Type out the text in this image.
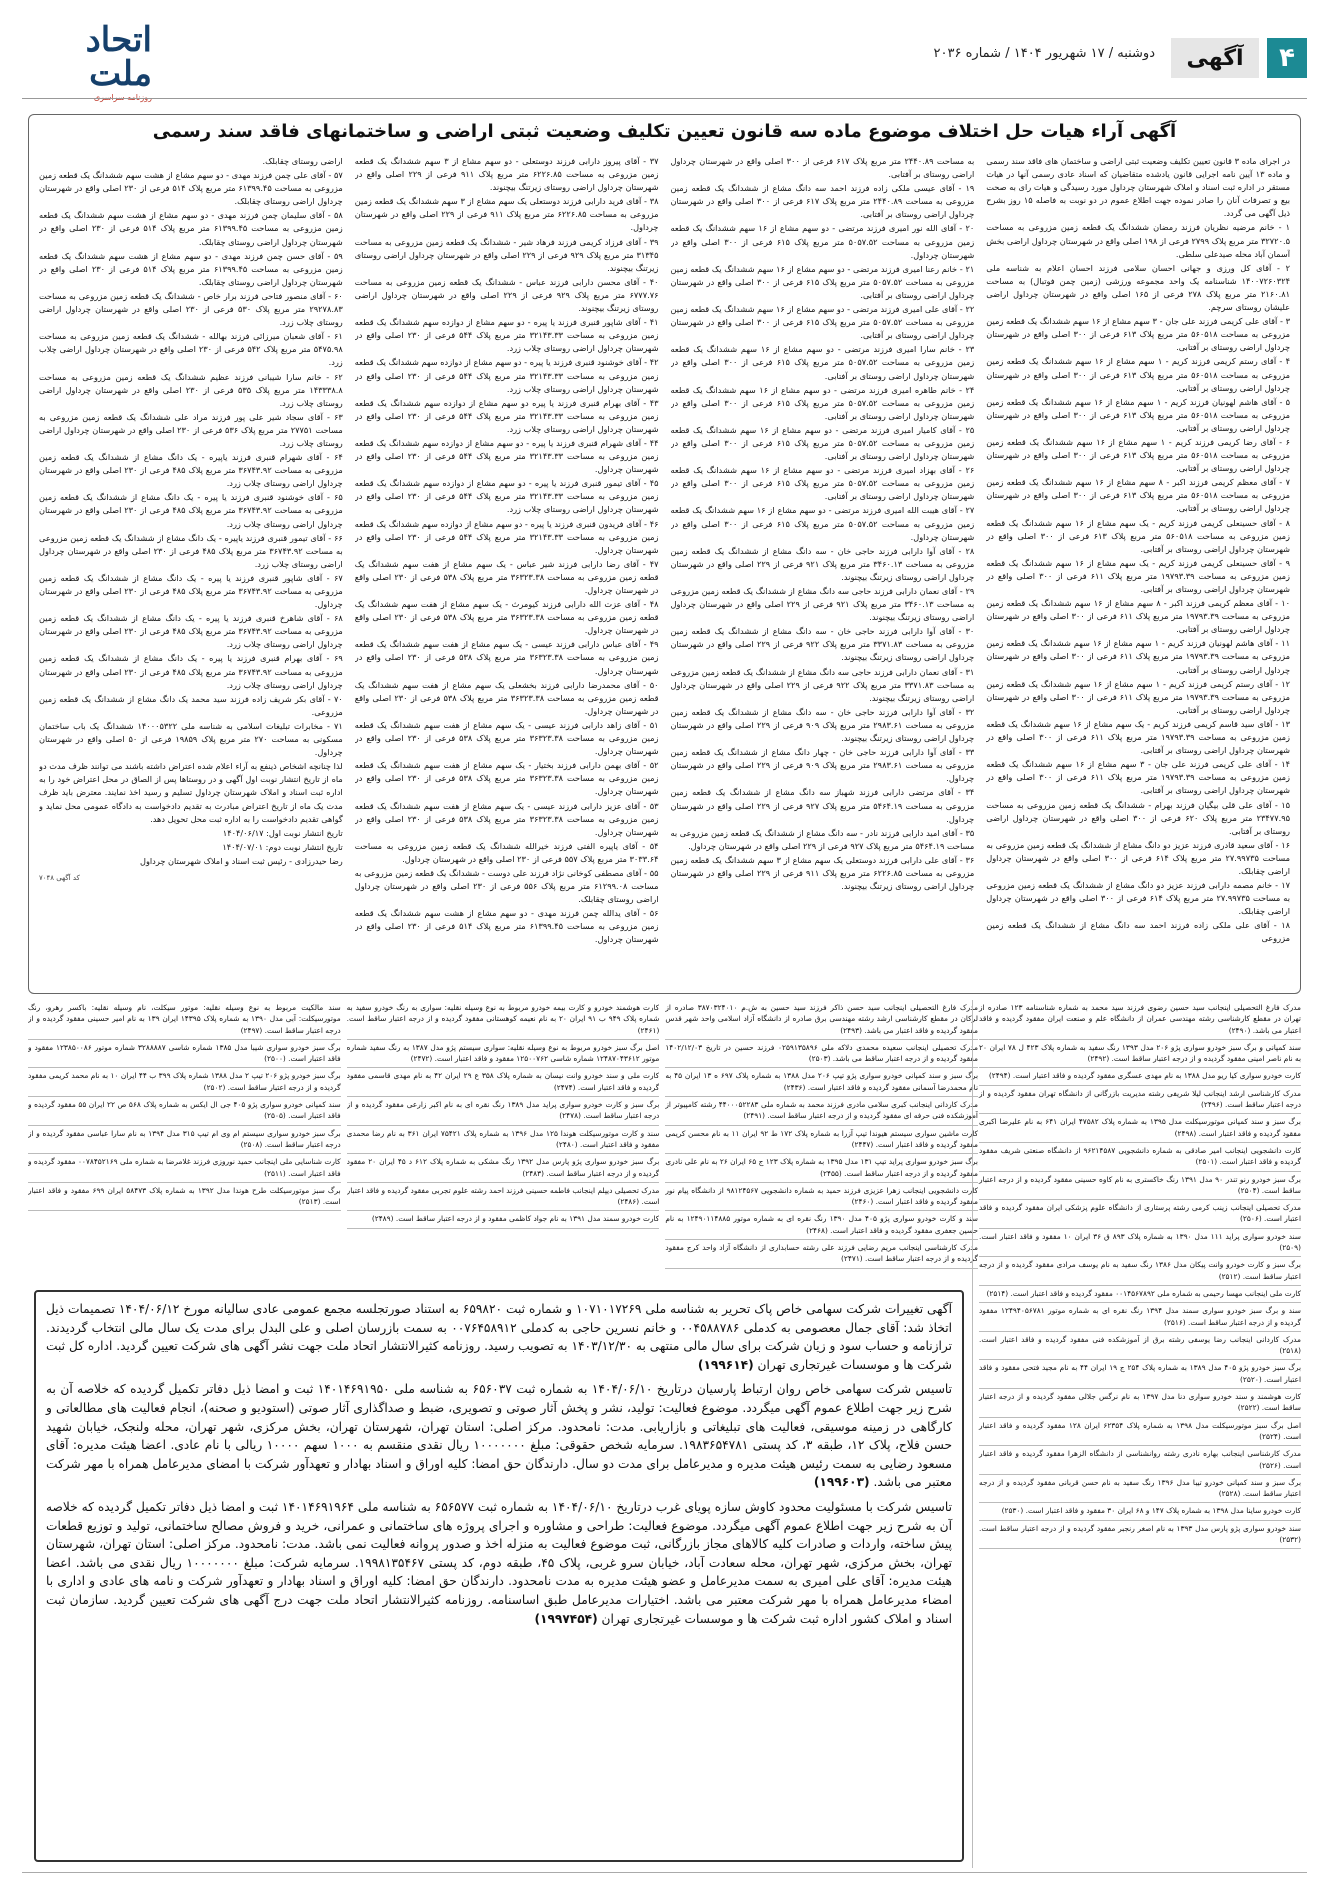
۴
آگهی
دوشنبه / ۱۷ شهریور ۱۴۰۴ / شماره ۲۰۳۶
اتحاد ملت
روزنامه سراسری
آگهی آراء هیات حل اختلاف موضوع ماده سه قانون تعیین تکلیف وضعیت ثبتی اراضی و ساختمانهای فاقد سند رسمی

در اجرای ماده ۳ قانون تعیین تکلیف وضعیت ثبتی اراضی و ساختمان های فاقد سند رسمی و ماده ۱۳ آیین نامه اجرایی قانون یادشده متقاضیان که اسناد عادی رسمی آنها در هیات مستقر در اداره ثبت اسناد و املاک شهرستان چرداول مورد رسیدگی و هیات رای به صحت بیع و تصرفات آنان را صادر نموده جهت اطلاع عموم در دو نوبت به فاصله ۱۵ روز بشرح ذیل آگهی می گردد.

۱ - خانم مرضیه نظریان فرزند رمضان ششدانگ یک قطعه زمین مزروعی به مساحت ۳۲۷۲۰.۵ متر مربع پلاک ۲۷۹۹ فرعی از ۱۹۸ اصلی واقع در شهرستان چرداول اراضی بخش آسمان آباد محله صیدعلی سلطی.

۲ - آقای کل ورزی و جهانی احسان سلامی فرزند احسان اعلام به شناسه ملی ۱۴۰۰۷۲۶۰۳۲۴ شناسنامه یک واحد مجموعه ورزشی (زمین چمن فوتبال) به مساحت ۲۱۶۰.۸۱ متر مربع پلاک ۲۷۸ فرعی از ۱۶۵ اصلی واقع در شهرستان چرداول اراضی علیشان روستای سرچم.

۳ - آقای علی کریمی فرزند علی جان - ۳ سهم مشاع از ۱۶ سهم ششدانگ یک قطعه زمین مزروعی به مساحت ۵۶۰۵۱۸ متر مربع پلاک ۶۱۳ فرعی از ۳۰۰ اصلی واقع در شهرستان چرداول اراضی روستای بر آفتابی.

۴ - آقای رستم کریمی فرزند کریم - ۱ سهم مشاع از ۱۶ سهم ششدانگ یک قطعه زمین مزروعی به مساحت ۵۶۰۵۱۸ متر مربع پلاک ۶۱۳ فرعی از ۳۰۰ اصلی واقع در شهرستان چرداول اراضی روستای بر آفتابی.

۵ - آقای هاشم لهونیان فرزند کریم - ۱ سهم مشاع از ۱۶ سهم ششدانگ یک قطعه زمین مزروعی به مساحت ۵۶۰۵۱۸ متر مربع پلاک ۶۱۳ فرعی از ۳۰۰ اصلی واقع در شهرستان چرداول اراضی روستای بر آفتابی.

۶ - آقای رضا کریمی فرزند کریم - ۱ سهم مشاع از ۱۶ سهم ششدانگ یک قطعه زمین مزروعی به مساحت ۵۶۰۵۱۸ متر مربع پلاک ۶۱۳ فرعی از ۳۰۰ اصلی واقع در شهرستان چرداول اراضی روستای بر آفتابی.

۷ - آقای معظم کریمی فرزند اکبر - ۸ سهم مشاع از ۱۶ سهم ششدانگ یک قطعه زمین مزروعی به مساحت ۵۶۰۵۱۸ متر مربع پلاک ۶۱۳ فرعی از ۳۰۰ اصلی واقع در شهرستان چرداول اراضی روستای بر آفتابی.

۸ - آقای حسینعلی کریمی فرزند کریم - یک سهم مشاع از ۱۶ سهم ششدانگ یک قطعه زمین مزروعی به مساحت ۵۶۰۵۱۸ متر مربع پلاک ۶۱۳ فرعی از ۳۰۰ اصلی واقع در شهرستان چرداول اراضی روستای بر آفتابی.

۹ - آقای حسینعلی کریمی فرزند کریم - یک سهم مشاع از ۱۶ سهم ششدانگ یک قطعه زمین مزروعی به مساحت ۱۹۷۹۳.۳۹ متر مربع پلاک ۶۱۱ فرعی از ۳۰۰ اصلی واقع در شهرستان چرداول اراضی روستای بر آفتابی.

۱۰ - آقای معظم کریمی فرزند اکبر - ۸ سهم مشاع از ۱۶ سهم ششدانگ یک قطعه زمین مزروعی به مساحت ۱۹۷۹۳.۳۹ متر مربع پلاک ۶۱۱ فرعی از ۳۰۰ اصلی واقع در شهرستان چرداول اراضی روستای بر آفتابی.

۱۱ - آقای هاشم لهونیان فرزند کریم - ۱ سهم مشاع از ۱۶ سهم ششدانگ یک قطعه زمین مزروعی به مساحت ۱۹۷۹۳.۳۹ متر مربع پلاک ۶۱۱ فرعی از ۳۰۰ اصلی واقع در شهرستان چرداول اراضی روستای بر آفتابی.

۱۲ - آقای رستم کریمی فرزند کریم - ۱ سهم مشاع از ۱۶ سهم ششدانگ یک قطعه زمین مزروعی به مساحت ۱۹۷۹۳.۳۹ متر مربع پلاک ۶۱۱ فرعی از ۳۰۰ اصلی واقع در شهرستان چرداول اراضی روستای بر آفتابی.

۱۳ - آقای سید قاسم کریمی فرزند کریم - یک سهم مشاع از ۱۶ سهم ششدانگ یک قطعه زمین مزروعی به مساحت ۱۹۷۹۳.۳۹ متر مربع پلاک ۶۱۱ فرعی از ۳۰۰ اصلی واقع در شهرستان چرداول اراضی روستای بر آفتابی.

۱۴ - آقای علی کریمی فرزند علی جان - ۳ سهم مشاع از ۱۶ سهم ششدانگ یک قطعه زمین مزروعی به مساحت ۱۹۷۹۳.۳۹ متر مربع پلاک ۶۱۱ فرعی از ۳۰۰ اصلی واقع در شهرستان چرداول اراضی روستای بر آفتابی.

۱۵ - آقای علی قلی بیگیان فرزند بهرام - ششدانگ یک قطعه زمین مزروعی به مساحت ۲۳۴۷۷.۹۵ متر مربع پلاک ۶۲۰ فرعی از ۳۰۰ اصلی واقع در شهرستان چرداول اراضی روستای بر آفتابی.

۱۶ - آقای سعید قادری فرزند عزیز دو دانگ مشاع از ششدانگ یک قطعه زمین مزروعی به مساحت ۲۷.۹۹۷۳۵ متر مربع پلاک ۶۱۴ فرعی از ۳۰۰ اصلی واقع در شهرستان چرداول اراضی چقابلک.

۱۷ - خانم مصمه دارابی فرزند عزیز دو دانگ مشاع از ششدانگ یک قطعه زمین مزروعی به مساحت ۲۷.۹۹۷۳۵ متر مربع پلاک ۶۱۴ فرعی از ۳۰۰ اصلی واقع در شهرستان چرداول اراضی چقابلک.

۱۸ - آقای علی ملکی زاده فرزند احمد سه دانگ مشاع از ششدانگ یک قطعه زمین مزروعی

به مساحت ۲۴۴۰.۸۹ متر مربع پلاک ۶۱۷ فرعی از ۳۰۰ اصلی واقع در شهرستان چرداول اراضی روستای بر آفتابی.

۱۹ - آقای عیسی ملکی زاده فرزند احمد سه دانگ مشاع از ششدانگ یک قطعه زمین مزروعی به مساحت ۲۴۴۰.۸۹ متر مربع پلاک ۶۱۷ فرعی از ۳۰۰ اصلی واقع در شهرستان چرداول اراضی روستای بر آفتابی.

۲۰ - آقای الله نور امیری فرزند مرتضی - دو سهم مشاع از ۱۶ سهم ششدانگ یک قطعه زمین مزروعی به مساحت ۵۰۵۷.۵۲ متر مربع پلاک ۶۱۵ فرعی از ۳۰۰ اصلی واقع در شهرستان چرداول.

۲۱ - خانم رعنا امیری فرزند مرتضی - دو سهم مشاع از ۱۶ سهم ششدانگ یک قطعه زمین مزروعی به مساحت ۵۰۵۷.۵۲ متر مربع پلاک ۶۱۵ فرعی از ۳۰۰ اصلی واقع در شهرستان چرداول اراضی روستای بر آفتابی.

۲۲ - آقای علی امیری فرزند مرتضی - دو سهم مشاع از ۱۶ سهم ششدانگ یک قطعه زمین مزروعی به مساحت ۵۰۵۷.۵۲ متر مربع پلاک ۶۱۵ فرعی از ۳۰۰ اصلی واقع در شهرستان چرداول اراضی روستای بر آفتابی.

۲۳ - خانم سارا امیری فرزند مرتضی - دو سهم مشاع از ۱۶ سهم ششدانگ یک قطعه زمین مزروعی به مساحت ۵۰۵۷.۵۲ متر مربع پلاک ۶۱۵ فرعی از ۳۰۰ اصلی واقع در شهرستان چرداول اراضی روستای بر آفتابی.

۲۴ - خانم طاهره امیری فرزند مرتضی - دو سهم مشاع از ۱۶ سهم ششدانگ یک قطعه زمین مزروعی به مساحت ۵۰۵۷.۵۲ متر مربع پلاک ۶۱۵ فرعی از ۳۰۰ اصلی واقع در شهرستان چرداول اراضی روستای بر آفتابی.

۲۵ - آقای کامیار امیری فرزند مرتضی - دو سهم مشاع از ۱۶ سهم ششدانگ یک قطعه زمین مزروعی به مساحت ۵۰۵۷.۵۲ متر مربع پلاک ۶۱۵ فرعی از ۳۰۰ اصلی واقع در شهرستان چرداول اراضی روستای بر آفتابی.

۲۶ - آقای بهزاد امیری فرزند مرتضی - دو سهم مشاع از ۱۶ سهم ششدانگ یک قطعه زمین مزروعی به مساحت ۵۰۵۷.۵۲ متر مربع پلاک ۶۱۵ فرعی از ۳۰۰ اصلی واقع در شهرستان چرداول اراضی روستای بر آفتابی.

۲۷ - آقای هیبت الله امیری فرزند مرتضی - دو سهم مشاع از ۱۶ سهم ششدانگ یک قطعه زمین مزروعی به مساحت ۵۰۵۷.۵۲ متر مربع پلاک ۶۱۵ فرعی از ۳۰۰ اصلی واقع در شهرستان چرداول.

۲۸ - آقای آوا دارابی فرزند حاجی خان - سه دانگ مشاع از ششدانگ یک قطعه زمین مزروعی به مساحت ۳۴۶۰.۱۳ متر مربع پلاک ۹۲۱ فرعی از ۲۲۹ اصلی واقع در شهرستان چرداول اراضی روستای زیرتنگ بیچنوند.

۲۹ - آقای نعمان دارابی فرزند حاجی سه دانگ مشاع از ششدانگ یک قطعه زمین مزروعی به مساحت ۳۴۶۰.۱۳ متر مربع پلاک ۹۲۱ فرعی از ۲۲۹ اصلی واقع در شهرستان چرداول اراضی روستای زیرتنگ بیچنوند.

۳۰ - آقای آوا دارابی فرزند حاجی خان - سه دانگ مشاع از ششدانگ یک قطعه زمین مزروعی به مساحت ۳۳۷۱.۸۳ متر مربع پلاک ۹۲۲ فرعی از ۲۲۹ اصلی واقع در شهرستان چرداول اراضی روستای زیرتنگ بیچنوند.

۳۱ - آقای نعمان دارابی فرزند حاجی سه دانگ مشاع از ششدانگ یک قطعه زمین مزروعی به مساحت ۳۳۷۱.۸۳ متر مربع پلاک ۹۲۲ فرعی از ۲۲۹ اصلی واقع در شهرستان چرداول اراضی روستای زیرتنگ بیچنوند.

۳۲ - آقای آوا دارابی فرزند حاجی خان - سه دانگ مشاع از ششدانگ یک قطعه زمین مزروعی به مساحت ۲۹۸۳.۶۱ متر مربع پلاک ۹۰۹ فرعی از ۲۲۹ اصلی واقع در شهرستان چرداول اراضی روستای زیرتنگ بیچنوند.

۳۳ - آقای آوا دارابی فرزند حاجی خان - چهار دانگ مشاع از ششدانگ یک قطعه زمین مزروعی به مساحت ۲۹۸۳.۶۱ متر مربع پلاک ۹۰۹ فرعی از ۲۲۹ اصلی واقع در شهرستان چرداول.

۳۴ - آقای مرتضی دارابی فرزند شهباز سه دانگ مشاع از ششدانگ یک قطعه زمین مزروعی به مساحت ۵۴۶۴.۱۹ متر مربع پلاک ۹۲۷ فرعی از ۲۲۹ اصلی واقع در شهرستان چرداول.

۳۵ - آقای امید دارابی فرزند نادر - سه دانگ مشاع از ششدانگ یک قطعه زمین مزروعی به مساحت ۵۴۶۴.۱۹ متر مربع پلاک ۹۲۷ فرعی از ۲۲۹ اصلی واقع در شهرستان چرداول.

۳۶ - آقای علی دارابی فرزند دوستعلی یک سهم مشاع از ۳ سهم ششدانگ یک قطعه زمین مزروعی به مساحت ۶۲۲۶.۸۵ متر مربع پلاک ۹۱۱ فرعی از ۲۲۹ اصلی واقع در شهرستان چرداول اراضی روستای زیرتنگ بیچنوند.

۳۷ - آقای پیروز دارابی فرزند دوستعلی - دو سهم مشاع از ۳ سهم ششدانگ یک قطعه زمین مزروعی به مساحت ۶۲۲۶.۸۵ متر مربع پلاک ۹۱۱ فرعی از ۲۲۹ اصلی واقع در شهرستان چرداول اراضی روستای زیرتنگ بیچنوند.

۳۸ - آقای فرید دارابی فرزند دوستعلی یک سهم مشاع از ۳ سهم ششدانگ یک قطعه زمین مزروعی به مساحت ۶۲۲۶.۸۵ متر مربع پلاک ۹۱۱ فرعی از ۲۲۹ اصلی واقع در شهرستان چرداول.

۳۹ - آقای فرزاد کریمی فرزند فرهاد شیر - ششدانگ یک قطعه زمین مزروعی به مساحت ۳۱۳۴۵ متر مربع پلاک ۹۲۹ فرعی از ۲۲۹ اصلی واقع در شهرستان چرداول اراضی روستای زیرتنگ بیچنوند.

۴۰ - آقای محسن دارابی فرزند عباس - ششدانگ یک قطعه زمین مزروعی به مساحت ۶۷۷۷.۷۶ متر مربع پلاک ۹۲۹ فرعی از ۲۲۹ اصلی واقع در شهرستان چرداول اراضی روستای زیرتنگ بیچنوند.

۴۱ - آقای شاپور قنبری فرزند یا پیره - دو سهم مشاع از دوازده سهم ششدانگ یک قطعه زمین مزروعی به مساحت ۳۲۱۴۳.۳۳ متر مربع پلاک ۵۴۴ فرعی از ۲۳۰ اصلی واقع در شهرستان چرداول اراضی روستای چلاب زرد.

۴۲ - آقای خوشنود قنبری فرزند یا پیره - دو سهم مشاع از دوازده سهم ششدانگ یک قطعه زمین مزروعی به مساحت ۳۲۱۴۳.۳۳ متر مربع پلاک ۵۴۴ فرعی از ۲۳۰ اصلی واقع در شهرستان چرداول اراضی روستای چلاب زرد.

۴۳ - آقای بهرام قنبری فرزند یا پیره دو سهم مشاع از دوازده سهم ششدانگ یک قطعه زمین مزروعی به مساحت ۳۲۱۴۳.۳۳ متر مربع پلاک ۵۴۴ فرعی از ۲۳۰ اصلی واقع در شهرستان چرداول اراضی روستای چلاب زرد.

۴۴ - آقای شهرام قنبری فرزند یا پیره - دو سهم مشاع از دوازده سهم ششدانگ یک قطعه زمین مزروعی به مساحت ۳۲۱۴۳.۳۳ متر مربع پلاک ۵۴۴ فرعی از ۲۳۰ اصلی واقع در شهرستان چرداول.

۴۵ - آقای تیمور قنبری فرزند یا پیره - دو سهم مشاع از دوازده سهم ششدانگ یک قطعه زمین مزروعی به مساحت ۳۲۱۴۳.۳۳ متر مربع پلاک ۵۴۴ فرعی از ۲۳۰ اصلی واقع در شهرستان چرداول اراضی روستای چلاب زرد.

۴۶ - آقای فریدون قنبری فرزند یا پیره - دو سهم مشاع از دوازده سهم ششدانگ یک قطعه زمین مزروعی به مساحت ۳۲۱۴۳.۳۳ متر مربع پلاک ۵۴۴ فرعی از ۲۳۰ اصلی واقع در شهرستان چرداول.

۴۷ - آقای رضا دارابی فرزند شیر عباس - یک سهم مشاع از هفت سهم ششدانگ یک قطعه زمین مزروعی به مساحت ۳۶۳۲۳.۳۸ متر مربع پلاک ۵۳۸ فرعی از ۲۳۰ اصلی واقع در شهرستان چرداول.

۴۸ - آقای عزت الله دارابی فرزند کیومرث - یک سهم مشاع از هفت سهم ششدانگ یک قطعه زمین مزروعی به مساحت ۳۶۳۲۳.۳۸ متر مربع پلاک ۵۳۸ فرعی از ۲۳۰ اصلی واقع در شهرستان چرداول.

۴۹ - آقای عباس دارابی فرزند عیسی - یک سهم مشاع از هفت سهم ششدانگ یک قطعه زمین مزروعی به مساحت ۳۶۳۲۳.۳۸ متر مربع پلاک ۵۳۸ فرعی از ۲۳۰ اصلی واقع در شهرستان چرداول.

۵۰ - آقای محمدرضا دارابی فرزند بخشعلی یک سهم مشاع از هفت سهم ششدانگ یک قطعه زمین مزروعی به مساحت ۳۶۳۲۳.۳۸ متر مربع پلاک ۵۳۸ فرعی از ۲۳۰ اصلی واقع در شهرستان چرداول.

۵۱ - آقای زاهد دارابی فرزند عیسی - یک سهم مشاع از هفت سهم ششدانگ یک قطعه زمین مزروعی به مساحت ۳۶۳۲۳.۳۸ متر مربع پلاک ۵۳۸ فرعی از ۲۳۰ اصلی واقع در شهرستان چرداول.

۵۲ - آقای بهمن دارابی فرزند بختیار - یک سهم مشاع از هفت سهم ششدانگ یک قطعه زمین مزروعی به مساحت ۳۶۳۲۳.۳۸ متر مربع پلاک ۵۳۸ فرعی از ۲۳۰ اصلی واقع در شهرستان چرداول.

۵۳ - آقای عزیز دارابی فرزند عیسی - یک سهم مشاع از هفت سهم ششدانگ یک قطعه زمین مزروعی به مساحت ۳۶۳۲۳.۳۸ متر مربع پلاک ۵۳۸ فرعی از ۲۳۰ اصلی واقع در شهرستان چرداول.

۵۴ - آقای یاپیره الفتی فرزند خیرالله ششدانگ یک قطعه زمین مزروعی به مساحت ۳۰۳۳.۶۴ متر مربع پلاک ۵۵۷ فرعی از ۲۳۰ اصلی واقع در شهرستان چرداول.

۵۵ - آقای مصطفی کوخانی نژاد فرزند علی دوست - ششدانگ یک قطعه زمین مزروعی به مساحت ۶۱۲۹۹.۰۸ متر مربع پلاک ۵۵۶ فرعی از ۲۳۰ اصلی واقع در شهرستان چرداول اراضی روستای چقابلک.

۵۶ - آقای یدالله چمن فرزند مهدی - دو سهم مشاع از هشت سهم ششدانگ یک قطعه زمین مزروعی به مساحت ۶۱۳۹۹.۴۵ متر مربع پلاک ۵۱۴ فرعی از ۲۳۰ اصلی واقع در شهرستان چرداول.

اراضی روستای چقابلک.

۵۷ - آقای علی چمن فرزند مهدی - دو سهم مشاع از هشت سهم ششدانگ یک قطعه زمین مزروعی به مساحت ۶۱۳۹۹.۴۵ متر مربع پلاک ۵۱۴ فرعی از ۲۳۰ اصلی واقع در شهرستان چرداول اراضی روستای چقابلک.

۵۸ - آقای سلیمان چمن فرزند مهدی - دو سهم مشاع از هشت سهم ششدانگ یک قطعه زمین مزروعی به مساحت ۶۱۳۹۹.۴۵ متر مربع پلاک ۵۱۴ فرعی از ۲۳۰ اصلی واقع در شهرستان چرداول اراضی روستای چقابلک.

۵۹ - آقای حسن چمن فرزند مهدی - دو سهم مشاع از هشت سهم ششدانگ یک قطعه زمین مزروعی به مساحت ۶۱۳۹۹.۴۵ متر مربع پلاک ۵۱۴ فرعی از ۲۳۰ اصلی واقع در شهرستان چرداول اراضی روستای چقابلک.

۶۰ - آقای منصور فتاحی فرزند برار خاص - ششدانگ یک قطعه زمین مزروعی به مساحت ۲۹۲۷۸.۸۳ متر مربع پلاک ۵۳۰ فرعی از ۲۳۰ اصلی واقع در شهرستان چرداول اراضی روستای چلاب زرد.

۶۱ - آقای شعبان میرزائی فرزند بهالله - ششدانگ یک قطعه زمین مزروعی به مساحت ۵۴۷۵.۹۸ متر مربع پلاک ۵۴۲ فرعی از ۲۳۰ اصلی واقع در شهرستان چرداول اراضی چلاب زرد.

۶۲ - خانم سارا شیبانی فرزند عظیم ششدانگ یک قطعه زمین مزروعی به مساحت ۱۴۳۳۳۸.۸ متر مربع پلاک ۵۳۵ فرعی از ۲۳۰ اصلی واقع در شهرستان چرداول اراضی روستای چلاب زرد.

۶۳ - آقای سجاد شیر علی پور فرزند مراد علی ششدانگ یک قطعه زمین مزروعی به مساحت ۲۷۷۵۱ متر مربع پلاک ۵۳۶ فرعی از ۲۳۰ اصلی واقع در شهرستان چرداول اراضی روستای چلاب زرد.

۶۴ - آقای شهرام قنبری فرزند یاپیره - یک دانگ مشاع از ششدانگ یک قطعه زمین مزروعی به مساحت ۳۶۷۴۳.۹۲ متر مربع پلاک ۴۸۵ فرعی از ۲۳۰ اصلی واقع در شهرستان چرداول اراضی روستای چلاب زرد.

۶۵ - آقای خوشنود قنبری فرزند یا پیره - یک دانگ مشاع از ششدانگ یک قطعه زمین مزروعی به مساحت ۳۶۷۴۳.۹۲ متر مربع پلاک ۴۸۵ فرعی از ۲۳۰ اصلی واقع در شهرستان چرداول اراضی روستای چلاب زرد.

۶۶ - آقای تیمور قنبری فرزند یاپیره - یک دانگ مشاع از ششدانگ یک قطعه زمین مزروعی به مساحت ۳۶۷۴۳.۹۲ متر مربع پلاک ۴۸۵ فرعی از ۲۳۰ اصلی واقع در شهرستان چرداول اراضی روستای چلاب زرد.

۶۷ - آقای شاپور قنبری فرزند یا پیره - یک دانگ مشاع از ششدانگ یک قطعه زمین مزروعی به مساحت ۳۶۷۴۳.۹۲ متر مربع پلاک ۴۸۵ فرعی از ۲۳۰ اصلی واقع در شهرستان چرداول.

۶۸ - آقای شاهرخ قنبری فرزند یا پیره - یک دانگ مشاع از ششدانگ یک قطعه زمین مزروعی به مساحت ۳۶۷۴۳.۹۲ متر مربع پلاک ۴۸۵ فرعی از ۲۳۰ اصلی واقع در شهرستان چرداول اراضی روستای چلاب زرد.

۶۹ - آقای بهرام قنبری فرزند یا پیره - یک دانگ مشاع از ششدانگ یک قطعه زمین مزروعی به مساحت ۳۶۷۴۳.۹۲ متر مربع پلاک ۴۸۵ فرعی از ۲۳۰ اصلی واقع در شهرستان چرداول اراضی روستای چلاب زرد.

۷۰ - آقای بکر شریف زاده فرزند سید محمد یک دانگ مشاع از ششدانگ یک قطعه زمین مزروعی.

۷۱ - مخابرات تبلیغات اسلامی به شناسه ملی ۱۴۰۰۰۵۳۲۲ ششدانگ یک باب ساختمان مسکونی به مساحت ۲۷۰ متر مربع پلاک ۱۹۸۵۹ فرعی از ۵۰ اصلی واقع در شهرستان چرداول.

لذا چنانچه اشخاص ذینفع به آراء اعلام شده اعتراض داشته باشند می توانند ظرف مدت دو ماه از تاریخ انتشار نوبت اول آگهی و در روستاها پس از الصاق در محل اعتراض خود را به اداره ثبت اسناد و املاک شهرستان چرداول تسلیم و رسید اخذ نمایند. معترض باید ظرف مدت یک ماه از تاریخ اعتراض مبادرت به تقدیم دادخواست به دادگاه عمومی محل نماید و گواهی تقدیم دادخواست را به اداره ثبت محل تحویل دهد.

تاریخ انتشار نوبت اول: ۱۴۰۴/۰۶/۱۷

تاریخ انتشار نوبت دوم: ۱۴۰۴/۰۷/۰۱

رضا حیدرزادی - رئیس ثبت اسناد و املاک شهرستان چرداول

کد آگهی ۷۰۴۸
مدرک فارغ التحصیلی اینجانب سید حسن ذاکر فرزند سید حسین به ش.م ۳۸۷۰۳۲۴۰۱۰ صادره از لرکان در مقطع کارشناسی ارشد رشته مهندسی برق صادره از دانشگاه آزاد اسلامی واحد شهر قدس مفقود گردیده و فاقد اعتبار می باشد. (۲۴۹۳)
مدرک تحصیلی اینجانب سعیده محمدی دلاکه ملی ۰۲۵۹۱۳۵۸۹۶ فرزند حسین در تاریخ ۱۴۰۲/۱۲/۰۳ مفقود گردیده و از درجه اعتبار ساقط می باشد. (۲۵۰۳)
برگ سبز و سند کمپانی خودرو سواری پژو تیپ ۲۰۶ مدل ۱۳۸۸ به شماره پلاک ۶۹۷ ه ۱۳ ایران ۴۵ به نام محمدرضا آسمانی مفقود گردیده و فاقد اعتبار است. (۲۴۳۶)
مدرک کاردانی اینجانب کبری سلامی مادری فرزند محمد به شماره ملی ۴۴۰۰۰۵۲۲۸۳ رشته کامپیوتر از آموزشکده فنی حرفه ای مفقود گردیده و از درجه اعتبار ساقط است. (۲۴۹۱)
کارت ماشین سواری سیستم هیوندا تیپ آزرا به شماره پلاک ۱۷۲ ط ۹۲ ایران ۱۱ به نام محسن کریمی مفقود گردیده و فاقد اعتبار است. (۲۴۴۷)
برگ سبز خودرو سواری پراید تیپ ۱۳۱ مدل ۱۳۹۵ به شماره پلاک ۱۲۳ ج ۶۵ ایران ۲۶ به نام علی نادری مفقود گردیده و از درجه اعتبار ساقط است. (۲۴۵۵)
کارت دانشجویی اینجانب زهرا عزیزی فرزند حمید به شماره دانشجویی ۹۸۱۲۴۵۶۷ از دانشگاه پیام نور مفقود گردیده و فاقد اعتبار است. (۲۴۶۰)
سند و کارت خودرو سواری پژو ۴۰۵ مدل ۱۳۹۰ رنگ نقره ای به شماره موتور ۱۲۴۹۰۱۱۴۸۸۵ به نام حسین جعفری مفقود گردیده و فاقد اعتبار است. (۲۴۶۸)
مدرک کارشناسی اینجانب مریم رضایی فرزند علی رشته حسابداری از دانشگاه آزاد واحد کرج مفقود گردیده و از درجه اعتبار ساقط است. (۲۴۷۱)
کارت هوشمند خودرو و کارت بیمه خودرو مربوط به نوع وسیله نقلیه: سواری به رنگ خودرو سفید به شماره پلاک ۹۴۹ ب ۹۱ ایران ۲۰ به نام نعیمه کوهستانی مفقود گردیده و از درجه اعتبار ساقط است. (۲۴۶۱)
اصل برگ سبز خودرو مربوط به نوع وسیله نقلیه: سواری سیستم پژو مدل ۱۳۸۷ به رنگ سفید شماره موتور ۱۲۴۸۷۰۴۳۶۱۲ شماره شاسی ۱۲۵۰۰۷۶۲ مفقود و فاقد اعتبار است. (۲۴۷۲)
کارت ملی و سند خودرو وانت نیسان به شماره پلاک ۳۵۸ ع ۲۹ ایران ۴۲ به نام مهدی قاسمی مفقود گردیده و فاقد اعتبار است. (۲۴۷۴)
برگ سبز و کارت خودرو سواری پراید مدل ۱۳۸۹ رنگ نقره ای به نام اکبر زارعی مفقود گردیده و از درجه اعتبار ساقط است. (۲۴۷۸)
سند و کارت موتورسیکلت هوندا ۱۲۵ مدل ۱۳۹۶ به شماره پلاک ۷۵۴۲۱ ایران ۳۶۱ به نام رضا محمدی مفقود و فاقد اعتبار است. (۲۴۸۰)
برگ سبز خودرو سواری پژو پارس مدل ۱۳۹۲ رنگ مشکی به شماره پلاک ۶۱۲ د ۴۵ ایران ۲۰ مفقود گردیده و از درجه اعتبار ساقط است. (۲۴۸۳)
مدرک تحصیلی دیپلم اینجانب فاطمه حسینی فرزند احمد رشته علوم تجربی مفقود گردیده و فاقد اعتبار است. (۲۴۸۶)
کارت خودرو سمند مدل ۱۳۹۱ به نام جواد کاظمی مفقود و از درجه اعتبار ساقط است. (۲۴۸۹)
سند مالکیت مربوط به نوع وسیله نقلیه: موتور سیکلت، نام وسیله نقلیه: باکسر رهرو، رنگ موتورسیکلت: آبی مدل ۱۳۹۰ به شماره پلاک ۱۴۳۹۵ ایران ۱۳۹ به نام امیر حسینی مفقود گردیده و از درجه اعتبار ساقط است. (۲۴۹۷)
برگ سبز خودرو سواری شیبا مدل ۱۳۸۵ شماره شاسی ۳۲۸۸۸۸۷ شماره موتور ۱۲۳۸۵۰۰۸۶ مفقود و فاقد اعتبار است. (۲۵۰۰)
برگ سبز خودرو پژو ۲۰۶ تیپ ۲ مدل ۱۳۸۸ شماره پلاک ۳۹۹ ب ۴۴ ایران ۱۰ به نام محمد کریمی مفقود گردیده و از درجه اعتبار ساقط است. (۲۵۰۲)
سند کمپانی خودرو سواری پژو ۴۰۵ جی ال ایکس به شماره پلاک ۵۶۸ ص ۲۲ ایران ۵۵ مفقود گردیده و فاقد اعتبار است. (۲۵۰۵)
برگ سبز خودرو سواری سیستم ام وی ام تیپ ۳۱۵ مدل ۱۳۹۴ به نام سارا عباسی مفقود گردیده و از درجه اعتبار ساقط است. (۲۵۰۸)
کارت شناسایی ملی اینجانب حمید نوروزی فرزند غلامرضا به شماره ملی ۰۰۷۸۴۵۲۱۶۹ مفقود گردیده و فاقد اعتبار است. (۲۵۱۱)
برگ سبز موتورسیکلت طرح هوندا مدل ۱۳۹۲ به شماره پلاک ۵۸۴۷۳ ایران ۶۹۹ مفقود و فاقد اعتبار است. (۲۵۱۳)
مدرک فارغ التحصیلی اینجانب سید حسین رضوی فرزند سید محمد به شماره شناسنامه ۱۲۳ صادره از تهران در مقطع کارشناسی رشته مهندسی عمران از دانشگاه علم و صنعت ایران مفقود گردیده و فاقد اعتبار می باشد. (۲۴۹۰)
سند کمپانی و برگ سبز خودرو سواری پژو ۲۰۶ مدل ۱۳۹۳ رنگ سفید به شماره پلاک ۴۲۳ ل ۷۸ ایران ۲۰ به نام ناصر امینی مفقود گردیده و از درجه اعتبار ساقط است. (۲۴۹۲)
کارت خودرو سواری کیا ریو مدل ۱۳۸۸ به نام مهدی عسگری مفقود گردیده و فاقد اعتبار است. (۲۴۹۴)
مدرک کارشناسی ارشد اینجانب لیلا شریفی رشته مدیریت بازرگانی از دانشگاه تهران مفقود گردیده و از درجه اعتبار ساقط است. (۲۴۹۶)
برگ سبز و سند کمپانی موتورسیکلت مدل ۱۳۹۵ به شماره پلاک ۴۷۵۸۲ ایران ۶۴۱ به نام علیرضا اکبری مفقود گردیده و فاقد اعتبار است. (۲۴۹۸)
کارت دانشجویی اینجانب امیر صادقی به شماره دانشجویی ۹۶۲۱۴۵۸۷ از دانشگاه صنعتی شریف مفقود گردیده و فاقد اعتبار است. (۲۵۰۱)
برگ سبز خودرو رنو تندر ۹۰ مدل ۱۳۹۱ رنگ خاکستری به نام کاوه حسینی مفقود گردیده و از درجه اعتبار ساقط است. (۲۵۰۴)
مدرک تحصیلی اینجانب زینب کرمی رشته پرستاری از دانشگاه علوم پزشکی ایران مفقود گردیده و فاقد اعتبار است. (۲۵۰۶)
سند خودرو سواری پراید ۱۱۱ مدل ۱۳۹۰ به شماره پلاک ۸۹۳ ق ۳۶ ایران ۱۰ مفقود و فاقد اعتبار است. (۲۵۰۹)
برگ سبز و کارت خودرو وانت پیکان مدل ۱۳۸۶ رنگ سفید به نام یوسف مرادی مفقود گردیده و از درجه اعتبار ساقط است. (۲۵۱۲)
کارت ملی اینجانب مهسا رحیمی به شماره ملی ۰۰۱۴۵۶۷۸۹۲ مفقود گردیده و فاقد اعتبار است. (۲۵۱۴)
سند و برگ سبز خودرو سواری سمند مدل ۱۳۹۴ رنگ نقره ای به شماره موتور ۱۲۴۹۴۰۵۶۷۸۱ مفقود گردیده و از درجه اعتبار ساقط است. (۲۵۱۶)
مدرک کاردانی اینجانب رضا یوسفی رشته برق از آموزشکده فنی مفقود گردیده و فاقد اعتبار است. (۲۵۱۸)
برگ سبز خودرو پژو ۴۰۵ مدل ۱۳۸۹ به شماره پلاک ۲۵۴ ج ۱۹ ایران ۴۴ به نام مجید فتحی مفقود و فاقد اعتبار است. (۲۵۲۰)
کارت هوشمند و سند خودرو سواری دنا مدل ۱۳۹۷ به نام نرگس جلالی مفقود گردیده و از درجه اعتبار ساقط است. (۲۵۲۲)
اصل برگ سبز موتورسیکلت مدل ۱۳۹۸ به شماره پلاک ۶۲۳۵۴ ایران ۱۲۸ مفقود گردیده و فاقد اعتبار است. (۲۵۲۴)
مدرک کارشناسی اینجانب بهاره نادری رشته روانشناسی از دانشگاه الزهرا مفقود گردیده و فاقد اعتبار است. (۲۵۲۶)
برگ سبز و سند کمپانی خودرو تیبا مدل ۱۳۹۶ رنگ سفید به نام حسن قربانی مفقود گردیده و از درجه اعتبار ساقط است. (۲۵۲۸)
کارت خودرو ساینا مدل ۱۳۹۸ به شماره پلاک ۱۴۷ و ۶۸ ایران ۳۰ مفقود و فاقد اعتبار است. (۲۵۳۰)
سند خودرو سواری پژو پارس مدل ۱۳۹۳ به نام اصغر رنجبر مفقود گردیده و از درجه اعتبار ساقط است. (۲۵۳۲)

آگهی تغییرات شرکت سهامی خاص پاک تحریر به شناسه ملی ۱۰۷۱۰۱۷۲۶۹ و شماره ثبت ۶۵۹۸۲۰ به استناد صورتجلسه مجمع عمومی عادی سالیانه مورخ ۱۴۰۴/۰۶/۱۲ تصمیمات ذیل اتخاذ شد: آقای جمال معصومی به کدملی ۰۰۴۵۸۸۷۸۶ و خانم نسرین حاجی به کدملی ۰۰۷۶۴۵۸۹۱۲ به سمت بازرسان اصلی و علی البدل برای مدت یک سال مالی انتخاب گردیدند. ترازنامه و حساب سود و زیان شرکت برای سال مالی منتهی به ۱۴۰۳/۱۲/۳۰ به تصویب رسید. روزنامه کثیرالانتشار اتحاد ملت جهت نشر آگهی های شرکت تعیین گردید. اداره کل ثبت شرکت ها و موسسات غیرتجاری تهران (۱۹۹۶۱۴)

تاسیس شرکت سهامی خاص روان ارتباط پارسیان درتاریخ ۱۴۰۴/۰۶/۱۰ به شماره ثبت ۶۵۶۰۳۷ به شناسه ملی ۱۴۰۱۴۶۹۱۹۵۰ ثبت و امضا ذیل دفاتر تکمیل گردیده که خلاصه آن به شرح زیر جهت اطلاع عموم آگهی میگردد. موضوع فعالیت: تولید، نشر و پخش آثار صوتی و تصویری، ضبط و صداگذاری آثار صوتی (استودیو و صحنه)، انجام فعالیت های مطالعاتی و کارگاهی در زمینه موسیقی، فعالیت های تبلیغاتی و بازاریابی. مدت: نامحدود. مرکز اصلی: استان تهران، شهرستان تهران، بخش مرکزی، شهر تهران، محله ولنجک، خیابان شهید حسن فلاح، پلاک ۱۲، طبقه ۳، کد پستی ۱۹۸۳۶۵۴۷۸۱. سرمایه شخص حقوقی: مبلغ ۱۰۰۰۰۰۰۰ ریال نقدی منقسم به ۱۰۰۰ سهم ۱۰۰۰۰ ریالی با نام عادی. اعضا هیئت مدیره: آقای مسعود رضایی به سمت رئیس هیئت مدیره و مدیرعامل برای مدت دو سال. دارندگان حق امضا: کلیه اوراق و اسناد بهادار و تعهدآور شرکت با امضای مدیرعامل همراه با مهر شرکت معتبر می باشد. (۱۹۹۶۰۳)

تاسیس شرکت با مسئولیت محدود کاوش سازه پویای غرب درتاریخ ۱۴۰۴/۰۶/۱۰ به شماره ثبت ۶۵۶۵۷۷ به شناسه ملی ۱۴۰۱۴۶۹۱۹۶۴ ثبت و امضا ذیل دفاتر تکمیل گردیده که خلاصه آن به شرح زیر جهت اطلاع عموم آگهی میگردد. موضوع فعالیت: طراحی و مشاوره و اجرای پروژه های ساختمانی و عمرانی، خرید و فروش مصالح ساختمانی، تولید و توزیع قطعات پیش ساخته، واردات و صادرات کلیه کالاهای مجاز بازرگانی، ثبت موضوع فعالیت به منزله اخذ و صدور پروانه فعالیت نمی باشد. مدت: نامحدود. مرکز اصلی: استان تهران، شهرستان تهران، بخش مرکزی، شهر تهران، محله سعادت آباد، خیابان سرو غربی، پلاک ۴۵، طبقه دوم، کد پستی ۱۹۹۸۱۳۵۴۶۷. سرمایه شرکت: مبلغ ۱۰۰۰۰۰۰۰ ریال نقدی می باشد. اعضا هیئت مدیره: آقای علی امیری به سمت مدیرعامل و عضو هیئت مدیره به مدت نامحدود. دارندگان حق امضا: کلیه اوراق و اسناد بهادار و تعهدآور شرکت و نامه های عادی و اداری با امضاء مدیرعامل همراه با مهر شرکت معتبر می باشد. اختیارات مدیرعامل طبق اساسنامه. روزنامه کثیرالانتشار اتحاد ملت جهت درج آگهی های شرکت تعیین گردید. سازمان ثبت اسناد و املاک کشور اداره ثبت شرکت ها و موسسات غیرتجاری تهران (۱۹۹۷۴۵۴)
